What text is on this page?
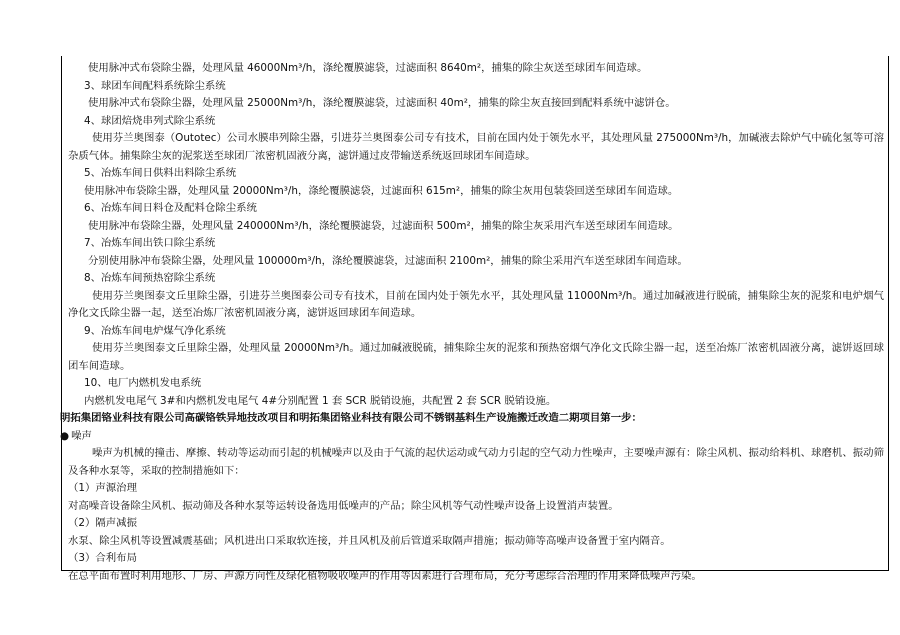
使用脉冲式布袋除尘器，处理风量 46000Nm³/h，涤纶覆膜滤袋，过滤面积 8640m²，捕集的除尘灰送至球团车间造球。
3、球团车间配料系统除尘系统
使用脉冲式布袋除尘器，处理风量 25000Nm³/h，涤纶覆膜滤袋，过滤面积 40m²，捕集的除尘灰直接回到配料系统中滤饼仓。
4、球团焙烧串列式除尘系统
使用芬兰奥图泰（Outotec）公司水膜串列除尘器，引进芬兰奥图泰公司专有技术，目前在国内处于领先水平，其处理风量 275000Nm³/h，加碱液去除炉气中硫化氢等可溶杂质气体。捕集除尘灰的泥浆送至球团厂浓密机固液分离，滤饼通过皮带输送系统返回球团车间造球。
5、冶炼车间日供料出料除尘系统
使用脉冲布袋除尘器，处理风量 20000Nm³/h，涤纶覆膜滤袋，过滤面积 615m²，捕集的除尘灰用包装袋回送至球团车间造球。
6、冶炼车间日料仓及配料仓除尘系统
使用脉冲布袋除尘器，处理风量 240000Nm³/h，涤纶覆膜滤袋，过滤面积 500m²，捕集的除尘灰采用汽车送至球团车间造球。
7、冶炼车间出铁口除尘系统
分别使用脉冲布袋除尘器，处理风量 100000m³/h，涤纶覆膜滤袋，过滤面积 2100m²，捕集的除尘采用汽车送至球团车间造球。
8、冶炼车间预热窑除尘系统
使用芬兰奥图泰文丘里除尘器，引进芬兰奥图泰公司专有技术，目前在国内处于领先水平，其处理风量 11000Nm³/h。通过加碱液进行脱硫，捕集除尘灰的泥浆和电炉烟气净化文氏除尘器一起，送至冶炼厂浓密机固液分离，滤饼返回球团车间造球。
9、冶炼车间电炉煤气净化系统
使用芬兰奥图泰文丘里除尘器，处理风量 20000Nm³/h。通过加碱液脱硫，捕集除尘灰的泥浆和预热窑烟气净化文氏除尘器一起，送至冶炼厂浓密机固液分离，滤饼返回球团车间造球。
10、电厂内燃机发电系统
内燃机发电尾气 3#和内燃机发电尾气 4#分别配置 1 套 SCR 脱销设施，共配置 2 套 SCR 脱销设施。
明拓集团铬业科技有限公司高碳铬铁异地技改项目和明拓集团铬业科技有限公司不锈钢基料生产设施搬迁改造二期项目第一步：
● 噪声
噪声为机械的撞击、摩擦、转动等运动而引起的机械噪声以及由于气流的起伏运动或气动力引起的空气动力性噪声，主要噪声源有：除尘风机、振动给料机、球磨机、振动筛及各种水泵等，采取的控制措施如下：
（1）声源治理
对高噪音设备除尘风机、振动筛及各种水泵等运转设备选用低噪声的产品；除尘风机等气动性噪声设备上设置消声装置。
（2）隔声减振
水泵、除尘风机等设置减震基础；风机进出口采取软连接，并且风机及前后管道采取隔声措施；振动筛等高噪声设备置于室内隔音。
（3）合利布局
在总平面布置时利用地形、厂房、声源方向性及绿化植物吸收噪声的作用等因素进行合理布局，充分考虑综合治理的作用来降低噪声污染。
